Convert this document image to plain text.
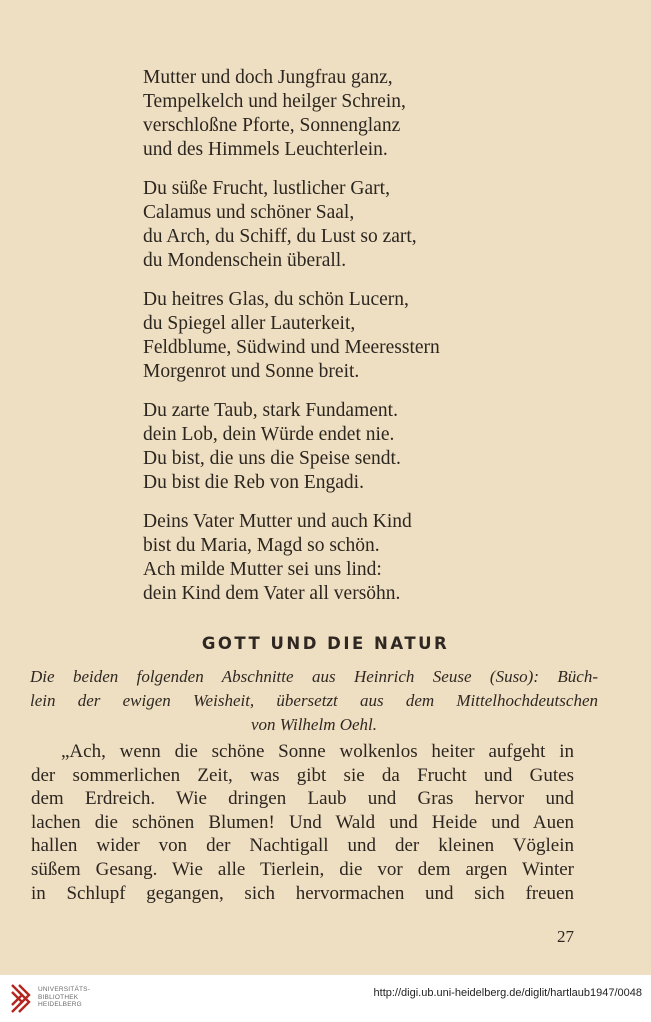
Mutter und doch Jungfrau ganz,
Tempelkelch und heilger Schrein,
verschloßne Pforte, Sonnenglanz
und des Himmels Leuchterlein.
Du süße Frucht, lustlicher Gart,
Calamus und schöner Saal,
du Arch, du Schiff, du Lust so zart,
du Mondenschein überall.
Du heitres Glas, du schön Lucern,
du Spiegel aller Lauterkeit,
Feldblume, Südwind und Meeresstern
Morgenrot und Sonne breit.
Du zarte Taub, stark Fundament.
dein Lob, dein Würde endet nie.
Du bist, die uns die Speise sendt.
Du bist die Reb von Engadi.
Deins Vater Mutter und auch Kind
bist du Maria, Magd so schön.
Ach milde Mutter sei uns lind:
dein Kind dem Vater all versöhn.
GOTT UND DIE NATUR
Die beiden folgenden Abschnitte aus Heinrich Seuse (Suso): Büch-
lein der ewigen Weisheit, übersetzt aus dem Mittelhochdeutschen
von Wilhelm Oehl.
„Ach, wenn die schöne Sonne wolkenlos heiter aufgeht in
der sommerlichen Zeit, was gibt sie da Frucht und Gutes
dem Erdreich. Wie dringen Laub und Gras hervor und
lachen die schönen Blumen! Und Wald und Heide und Auen
hallen wider von der Nachtigall und der kleinen Vöglein
süßem Gesang. Wie alle Tierlein, die vor dem argen Winter
in Schlupf gegangen, sich hervormachen und sich freuen
27
UNIVERSITÄTS-
BIBLIOTHEK
HEIDELBERG
http://digi.ub.uni-heidelberg.de/diglit/hartlaub1947/0048
